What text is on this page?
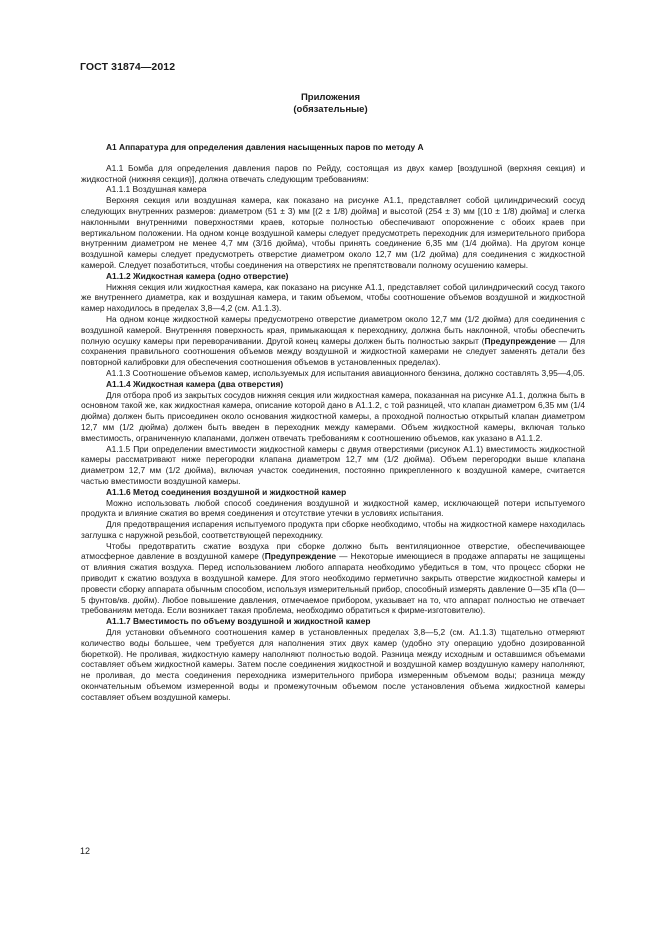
ГОСТ 31874—2012
Приложения
(обязательные)

А1 Аппаратура для определения давления насыщенных паров по методу А

А1.1 Бомба для определения давления паров по Рейду, состоящая из двух камер [воздушной (верхняя секция) и жидкостной (нижняя секция)], должна отвечать следующим требованиям:

А1.1.1 Воздушная камера

Верхняя секция или воздушная камера, как показано на рисунке А1.1, представляет собой цилиндрический сосуд следующих внутренних размеров: диаметром (51 ± 3) мм [(2 ± 1/8) дюйма] и высотой (254 ± 3) мм [(10 ± 1/8) дюйма] и слегка наклонными внутренними поверхностями краев, которые полностью обеспечивают опорожнение с обоих краев при вертикальном положении. На одном конце воздушной камеры следует предусмотреть переходник для измерительного прибора внутренним диаметром не менее 4,7 мм (3/16 дюйма), чтобы принять соединение 6,35 мм (1/4 дюйма). На другом конце воздушной камеры следует предусмотреть отверстие диаметром около 12,7 мм (1/2 дюйма) для соединения с жидкостной камерой. Следует позаботиться, чтобы соединения на отверстиях не препятствовали полному осушению камеры.

А1.1.2 Жидкостная камера (одно отверстие)

Нижняя секция или жидкостная камера, как показано на рисунке А1.1, представляет собой цилиндрический сосуд такого же внутреннего диаметра, как и воздушная камера, и таким объемом, чтобы соотношение объемов воздушной и жидкостной камер находилось в пределах 3,8—4,2 (см. А1.1.3).

На одном конце жидкостной камеры предусмотрено отверстие диаметром около 12,7 мм (1/2 дюйма) для соединения с воздушной камерой. Внутренняя поверхность края, примыкающая к переходнику, должна быть наклонной, чтобы обеспечить полную осушку камеры при переворачивании. Другой конец камеры должен быть полностью закрыт (Предупреждение — Для сохранения правильного соотношения объемов между воздушной и жидкостной камерами не следует заменять детали без повторной калибровки для обеспечения соотношения объемов в установленных пределах).

А1.1.3 Соотношение объемов камер, используемых для испытания авиационного бензина, должно составлять 3,95—4,05.

А1.1.4 Жидкостная камера (два отверстия)

Для отбора проб из закрытых сосудов нижняя секция или жидкостная камера, показанная на рисунке А1.1, должна быть в основном такой же, как жидкостная камера, описание которой дано в А1.1.2, с той разницей, что клапан диаметром 6,35 мм (1/4 дюйма) должен быть присоединен около основания жидкостной камеры, а проходной полностью открытый клапан диаметром 12,7 мм (1/2 дюйма) должен быть введен в переходник между камерами. Объем жидкостной камеры, включая только вместимость, ограниченную клапанами, должен отвечать требованиям к соотношению объемов, как указано в А1.1.2.

А1.1.5 При определении вместимости жидкостной камеры с двумя отверстиями (рисунок А1.1) вместимость жидкостной камеры рассматривают ниже перегородки клапана диаметром 12,7 мм (1/2 дюйма). Объем перегородки выше клапана диаметром 12,7 мм (1/2 дюйма), включая участок соединения, постоянно прикрепленного к воздушной камере, считается частью вместимости воздушной камеры.

А1.1.6 Метод соединения воздушной и жидкостной камер

Можно использовать любой способ соединения воздушной и жидкостной камер, исключающей потери испытуемого продукта и влияние сжатия во время соединения и отсутствие утечки в условиях испытания.

Для предотвращения испарения испытуемого продукта при сборке необходимо, чтобы на жидкостной камере находилась заглушка с наружной резьбой, соответствующей переходнику.

Чтобы предотвратить сжатие воздуха при сборке должно быть вентиляционное отверстие, обеспечивающее атмосферное давление в воздушной камере (Предупреждение — Некоторые имеющиеся в продаже аппараты не защищены от влияния сжатия воздуха. Перед использованием любого аппарата необходимо убедиться в том, что процесс сборки не приводит к сжатию воздуха в воздушной камере. Для этого необходимо герметично закрыть отверстие жидкостной камеры и провести сборку аппарата обычным способом, используя измерительный прибор, способный измерять давление 0—35 кПа (0—5 фунтов/кв. дюйм). Любое повышение давления, отмечаемое прибором, указывает на то, что аппарат полностью не отвечает требованиям метода. Если возникает такая проблема, необходимо обратиться к фирме-изготовителю).

А1.1.7 Вместимость по объему воздушной и жидкостной камер

Для установки объемного соотношения камер в установленных пределах 3,8—5,2 (см. А1.1.3) тщательно отмеряют количество воды большее, чем требуется для наполнения этих двух камер (удобно эту операцию удобно дозированной бюреткой). Не проливая, жидкостную камеру наполняют полностью водой. Разница между исходным и оставшимся объемами составляет объем жидкостной камеры. Затем после соединения жидкостной и воздушной камер воздушную камеру наполняют, не проливая, до места соединения переходника измерительного прибора измеренным объемом воды; разница между окончательным объемом измеренной воды и промежуточным объемом после установления объема жидкостной камеры составляет объем воздушной камеры.

12
